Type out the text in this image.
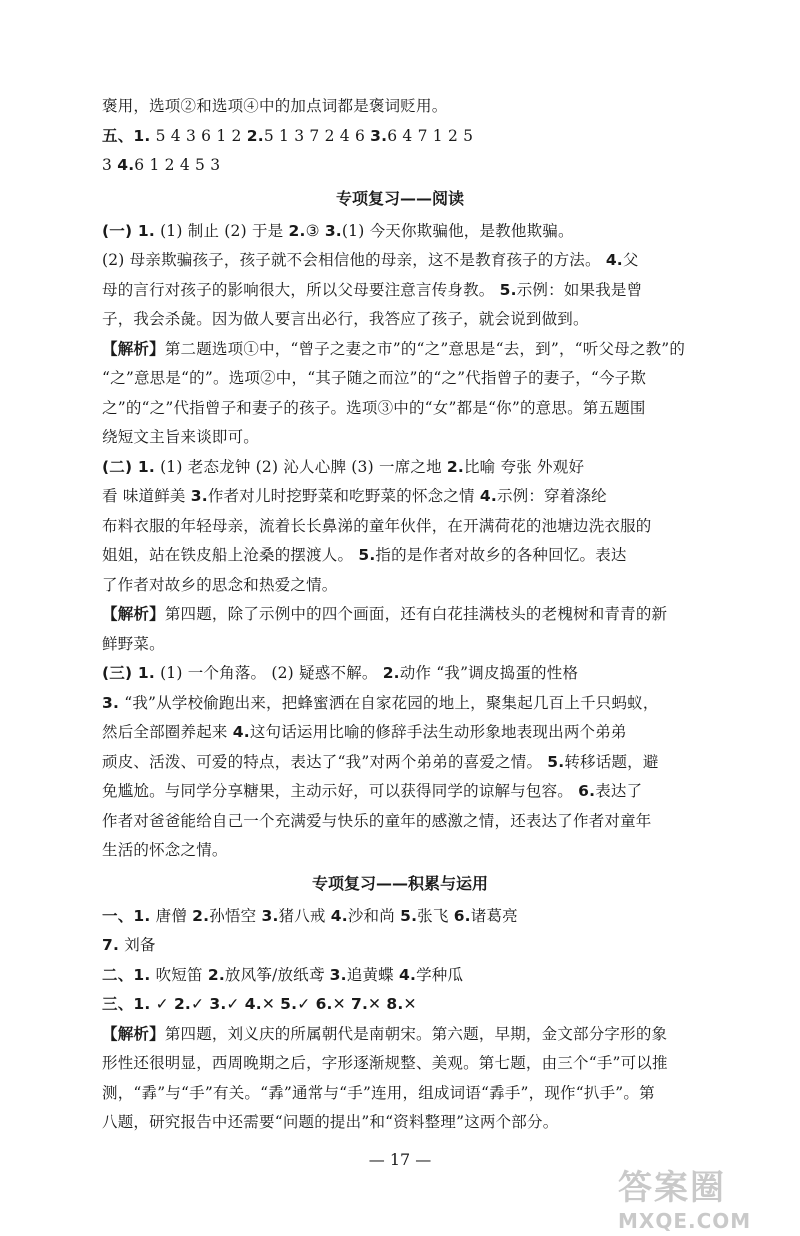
褒用，选项②和选项④中的加点词都是褒词贬用。
五、1. 5 4 3 6 1 2 2.5 1 3 7 2 4 6 3.6 4 7 1 2 5
3 4.6 1 2 4 5 3
专项复习——阅读
(一) 1. (1) 制止 (2) 于是 2.③ 3.(1) 今天你欺骗他，是教他欺骗。
(2) 母亲欺骗孩子，孩子就不会相信他的母亲，这不是教育孩子的方法。 4.父
母的言行对孩子的影响很大，所以父母要注意言传身教。 5.示例：如果我是曾
子，我会杀彘。因为做人要言出必行，我答应了孩子，就会说到做到。
【解析】第二题选项①中，“曾子之妻之市”的“之”意思是“去，到”，“听父母之教”的
“之”意思是“的”。选项②中，“其子随之而泣”的“之”代指曾子的妻子，“今子欺
之”的“之”代指曾子和妻子的孩子。选项③中的“女”都是“你”的意思。第五题围
绕短文主旨来谈即可。
(二) 1. (1) 老态龙钟 (2) 沁人心脾 (3) 一席之地 2.比喻 夸张 外观好
看 味道鲜美 3.作者对儿时挖野菜和吃野菜的怀念之情 4.示例：穿着涤纶
布料衣服的年轻母亲，流着长长鼻涕的童年伙伴，在开满荷花的池塘边洗衣服的
姐姐，站在铁皮船上沧桑的摆渡人。 5.指的是作者对故乡的各种回忆。表达
了作者对故乡的思念和热爱之情。
【解析】第四题，除了示例中的四个画面，还有白花挂满枝头的老槐树和青青的新
鲜野菜。
(三) 1. (1) 一个角落。 (2) 疑惑不解。 2.动作 “我”调皮捣蛋的性格
3. “我”从学校偷跑出来，把蜂蜜洒在自家花园的地上，聚集起几百上千只蚂蚁，
然后全部圈养起来 4.这句话运用比喻的修辞手法生动形象地表现出两个弟弟
顽皮、活泼、可爱的特点，表达了“我”对两个弟弟的喜爱之情。 5.转移话题，避
免尴尬。与同学分享糖果，主动示好，可以获得同学的谅解与包容。 6.表达了
作者对爸爸能给自己一个充满爱与快乐的童年的感激之情，还表达了作者对童年
生活的怀念之情。
专项复习——积累与运用
一、1. 唐僧 2.孙悟空 3.猪八戒 4.沙和尚 5.张飞 6.诸葛亮
7. 刘备
二、1. 吹短笛 2.放风筝/放纸鸢 3.追黄蝶 4.学种瓜
三、1. ✓ 2.✓ 3.✓ 4.✕ 5.✓ 6.✕ 7.✕ 8.✕
【解析】第四题，刘义庆的所属朝代是南朝宋。第六题，早期，金文部分字形的象
形性还很明显，西周晚期之后，字形逐渐规整、美观。第七题，由三个“手”可以推
测，“掱”与“手”有关。“掱”通常与“手”连用，组成词语“掱手”，现作“扒手”。第
八题，研究报告中还需要“问题的提出”和“资料整理”这两个部分。
— 17 —
答案圈
MXQE.COM
